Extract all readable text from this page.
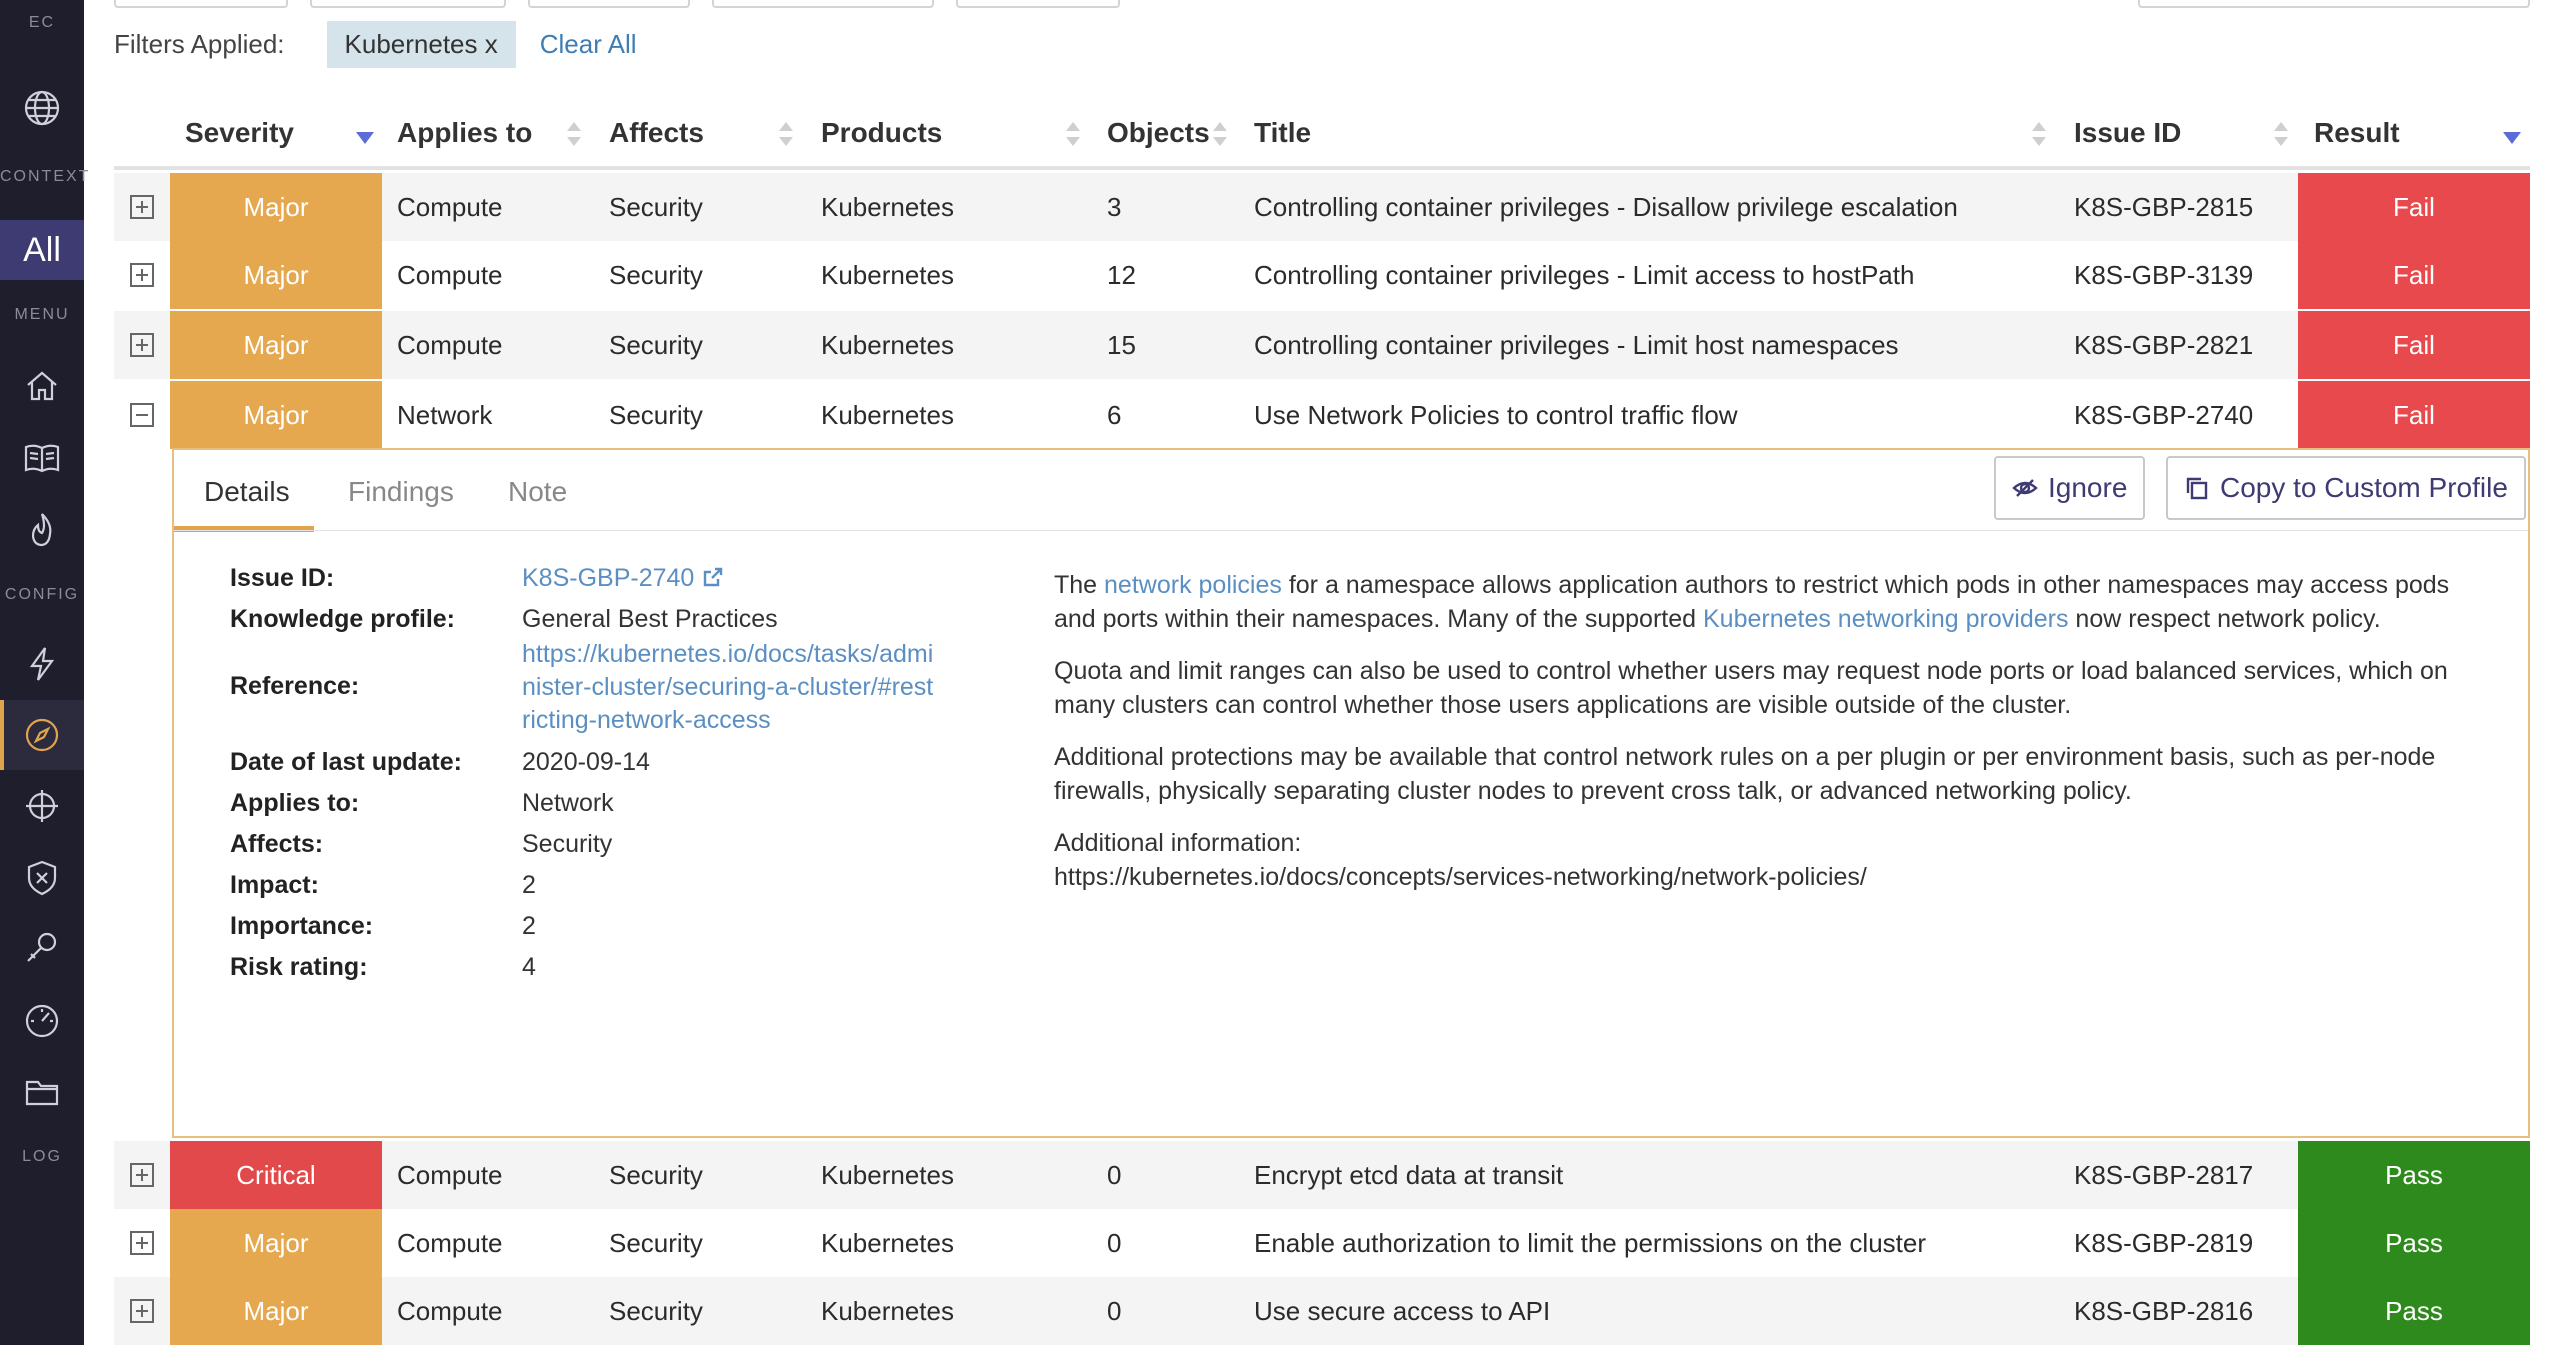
EC
CONTEXT
All
MENU
CONFIG
LOG
Filters Applied:	Kubernetes x	Clear All
Severity	Applies to	Affects	Products	Objects Title	Issue ID	Result
Major	Compute	Security	Kubernetes	3	Controlling container privileges - Disallow privilege escalation	K8S-GBP-2815	Fail
Major	Compute	Security	Kubernetes	12	Controlling container privileges - Limit access to hostPath	K8S-GBP-3139	Fail
Major	Compute	Security	Kubernetes	15	Controlling container privileges - Limit host namespaces	K8S-GBP-2821	Fail
Major	Network	Security	Kubernetes	6	Use Network Policies to control traffic flow	K8S-GBP-2740	Fail
Details Findings Note	Ignore	Copy to Custom Profile
Issue ID:	K8S-GBP-2740
Knowledge profile:	General Best Practices
Reference:
https://kubernetes.io/docs/tasks/admi
nister-cluster/securing-a-cluster/#rest
ricting-network-access
Date of last update: 2020-09-14
Applies to:	Network
Affects:	Security
Impact:	2
Importance:	2
Risk rating:	4
The network policies for a namespace allows application authors to restrict which pods in other namespaces may access pods and ports within their namespaces. Many of the supported Kubernetes networking providers now respect network policy.
Quota and limit ranges can also be used to control whether users may request node ports or load balanced services, which on many clusters can control whether those users applications are visible outside of the cluster.
Additional protections may be available that control network rules on a per plugin or per environment basis, such as per-node firewalls, physically separating cluster nodes to prevent cross talk, or advanced networking policy.
Additional information:
https://kubernetes.io/docs/concepts/services-networking/network-policies/
Critical	Compute	Security	Kubernetes	0	Encrypt etcd data at transit	K8S-GBP-2817	Pass
Major	Compute	Security	Kubernetes	0	Enable authorization to limit the permissions on the cluster	K8S-GBP-2819	Pass
Major	Compute	Security	Kubernetes	0	Use secure access to API	K8S-GBP-2816	Pass
